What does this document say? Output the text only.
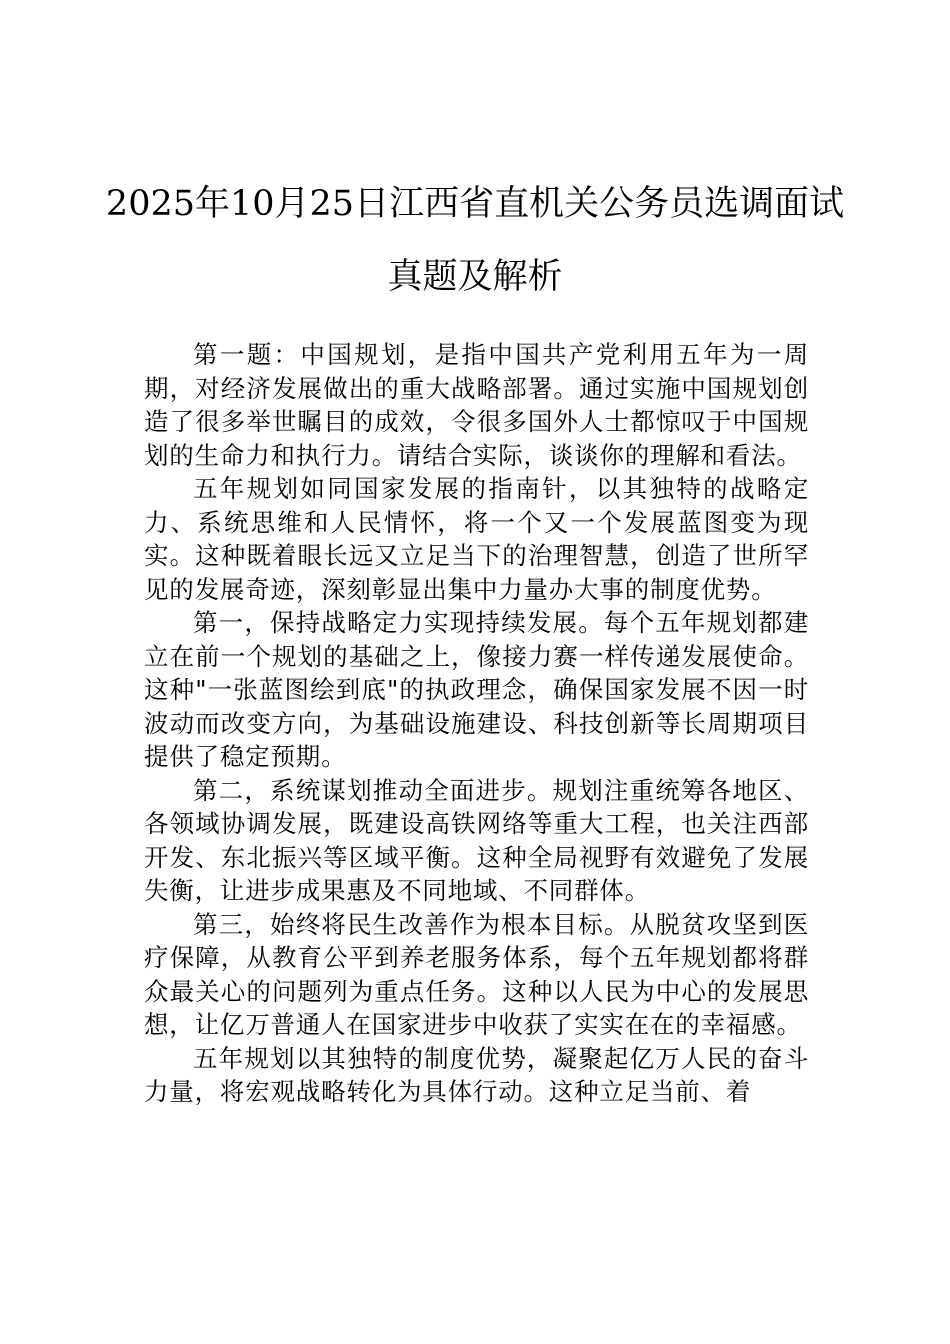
2025年10月25日江西省直机关公务员选调面试真题及解析

第一题：中国规划，是指中国共产党利用五年为一周期，对经济发展做出的重大战略部署。通过实施中国规划创造了很多举世瞩目的成效，令很多国外人士都惊叹于中国规划的生命力和执行力。请结合实际，谈谈你的理解和看法。

五年规划如同国家发展的指南针，以其独特的战略定力、系统思维和人民情怀，将一个又一个发展蓝图变为现实。这种既着眼长远又立足当下的治理智慧，创造了世所罕见的发展奇迹，深刻彰显出集中力量办大事的制度优势。

第一，保持战略定力实现持续发展。每个五年规划都建立在前一个规划的基础之上，像接力赛一样传递发展使命。这种"一张蓝图绘到底"的执政理念，确保国家发展不因一时波动而改变方向，为基础设施建设、科技创新等长周期项目提供了稳定预期。

第二，系统谋划推动全面进步。规划注重统筹各地区、各领域协调发展，既建设高铁网络等重大工程，也关注西部开发、东北振兴等区域平衡。这种全局视野有效避免了发展失衡，让进步成果惠及不同地域、不同群体。

第三，始终将民生改善作为根本目标。从脱贫攻坚到医疗保障，从教育公平到养老服务体系，每个五年规划都将群众最关心的问题列为重点任务。这种以人民为中心的发展思想，让亿万普通人在国家进步中收获了实实在在的幸福感。

五年规划以其独特的制度优势，凝聚起亿万人民的奋斗力量，将宏观战略转化为具体行动。这种立足当前、着
